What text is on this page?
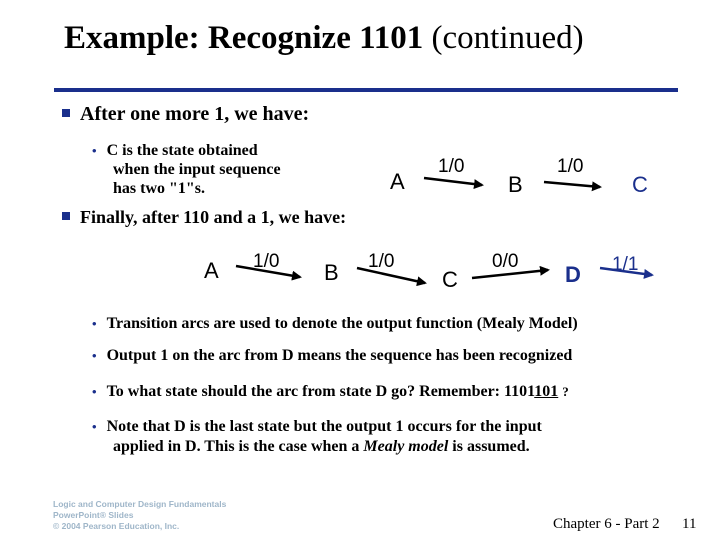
Example: Recognize 1101 (continued)
After one more 1, we have:
• C is the state obtained
when the input sequence
has two "1"s.
Finally, after 110 and a 1, we have:
A
1/0
B
1/0
C
A 1/0 B 1/0
C
0/0
D 1/1
• Transition arcs are used to denote the output function (Mealy Model)
• Output 1 on the arc from D means the sequence has been recognized
• To what state should the arc from state D go? Remember: 1101101 ?
• Note that D is the last state but the output 1 occurs for the input
applied in D. This is the case when a Mealy model is assumed.
Logic and Computer Design Fundamentals
PowerPoint® Slides
© 2004 Pearson Education, Inc.	Chapter 6 - Part 2 11
